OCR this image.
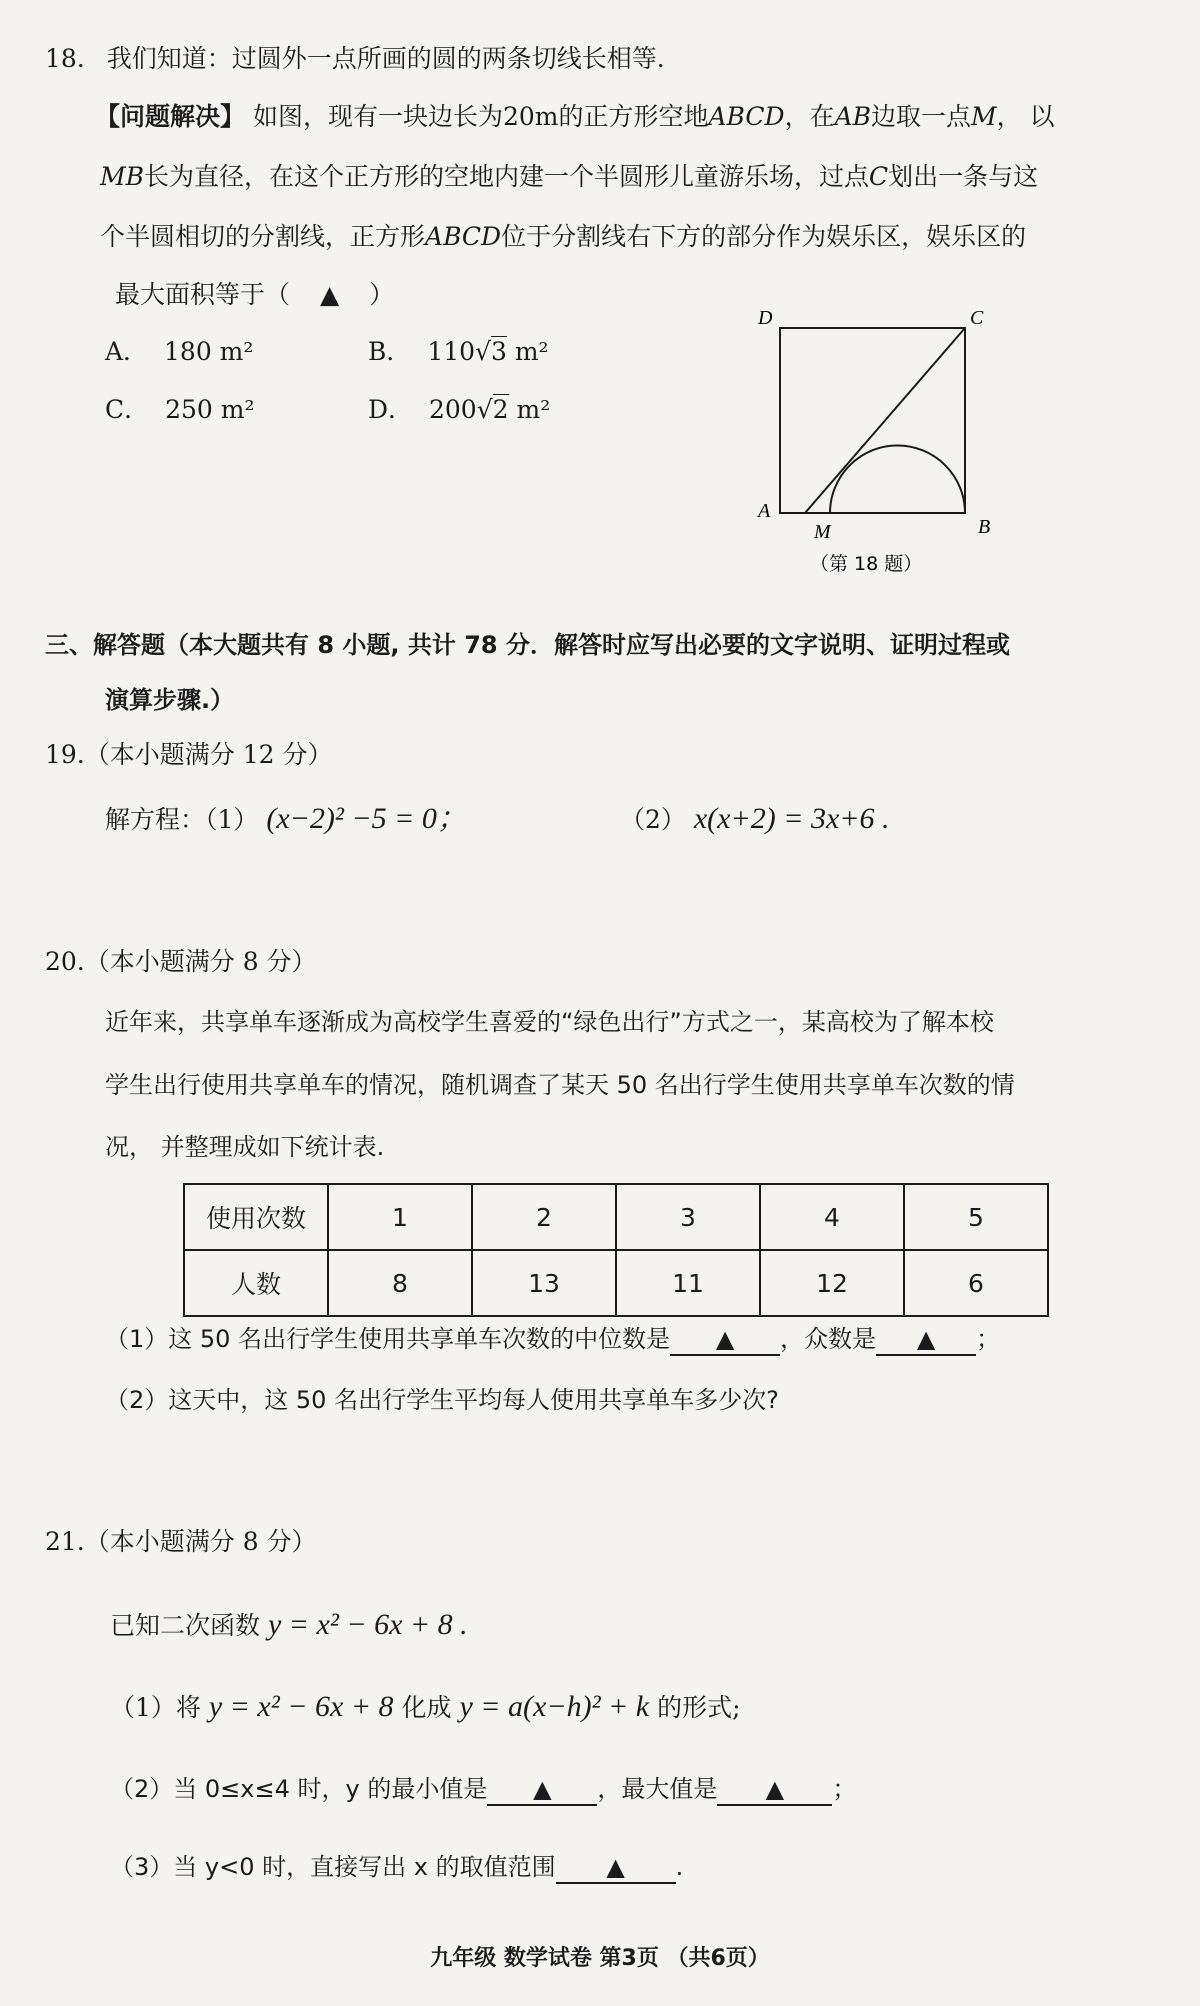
18. 我们知道：过圆外一点所画的圆的两条切线长相等.
【问题解决】 如图，现有一块边长为20m的正方形空地ABCD，在AB边取一点M， 以
MB长为直径，在这个正方形的空地内建一个半圆形儿童游乐场，过点C划出一条与这
个半圆相切的分割线，正方形ABCD位于分割线右下方的部分作为娱乐区，娱乐区的
最大面积等于（ ▲ ）
A． 180 m²	B． 110√3 m²
C． 250 m²	D． 200√2 m²
D	C
A
M	B
（第 18 题）
三、解答题（本大题共有 8 小题, 共计 78 分．解答时应写出必要的文字说明、证明过程或
演算步骤.）
19.（本小题满分 12 分）
解方程：（1） (x−2)² −5 = 0；	（2） x(x+2) = 3x+6 .
20.（本小题满分 8 分）
近年来，共享单车逐渐成为高校学生喜爱的“绿色出行”方式之一，某高校为了解本校
学生出行使用共享单车的情况，随机调查了某天 50 名出行学生使用共享单车次数的情
况， 并整理成如下统计表.
使用次数	1	2	3	4	5
人数	8	13	11	12	6
（1）这 50 名出行学生使用共享单车次数的中位数是 ▲ ，众数是 ▲ ；
（2）这天中，这 50 名出行学生平均每人使用共享单车多少次?
21.（本小题满分 8 分）
已知二次函数 y = x² − 6x + 8 .
（1）将 y = x² − 6x + 8 化成 y = a(x−h)² + k 的形式;
（2）当 0≤x≤4 时，y 的最小值是 ▲ ，最大值是 ▲ ；
（3）当 y<0 时，直接写出 x 的取值范围 ▲ .
九年级 数学试卷 第3页 （共6页）
